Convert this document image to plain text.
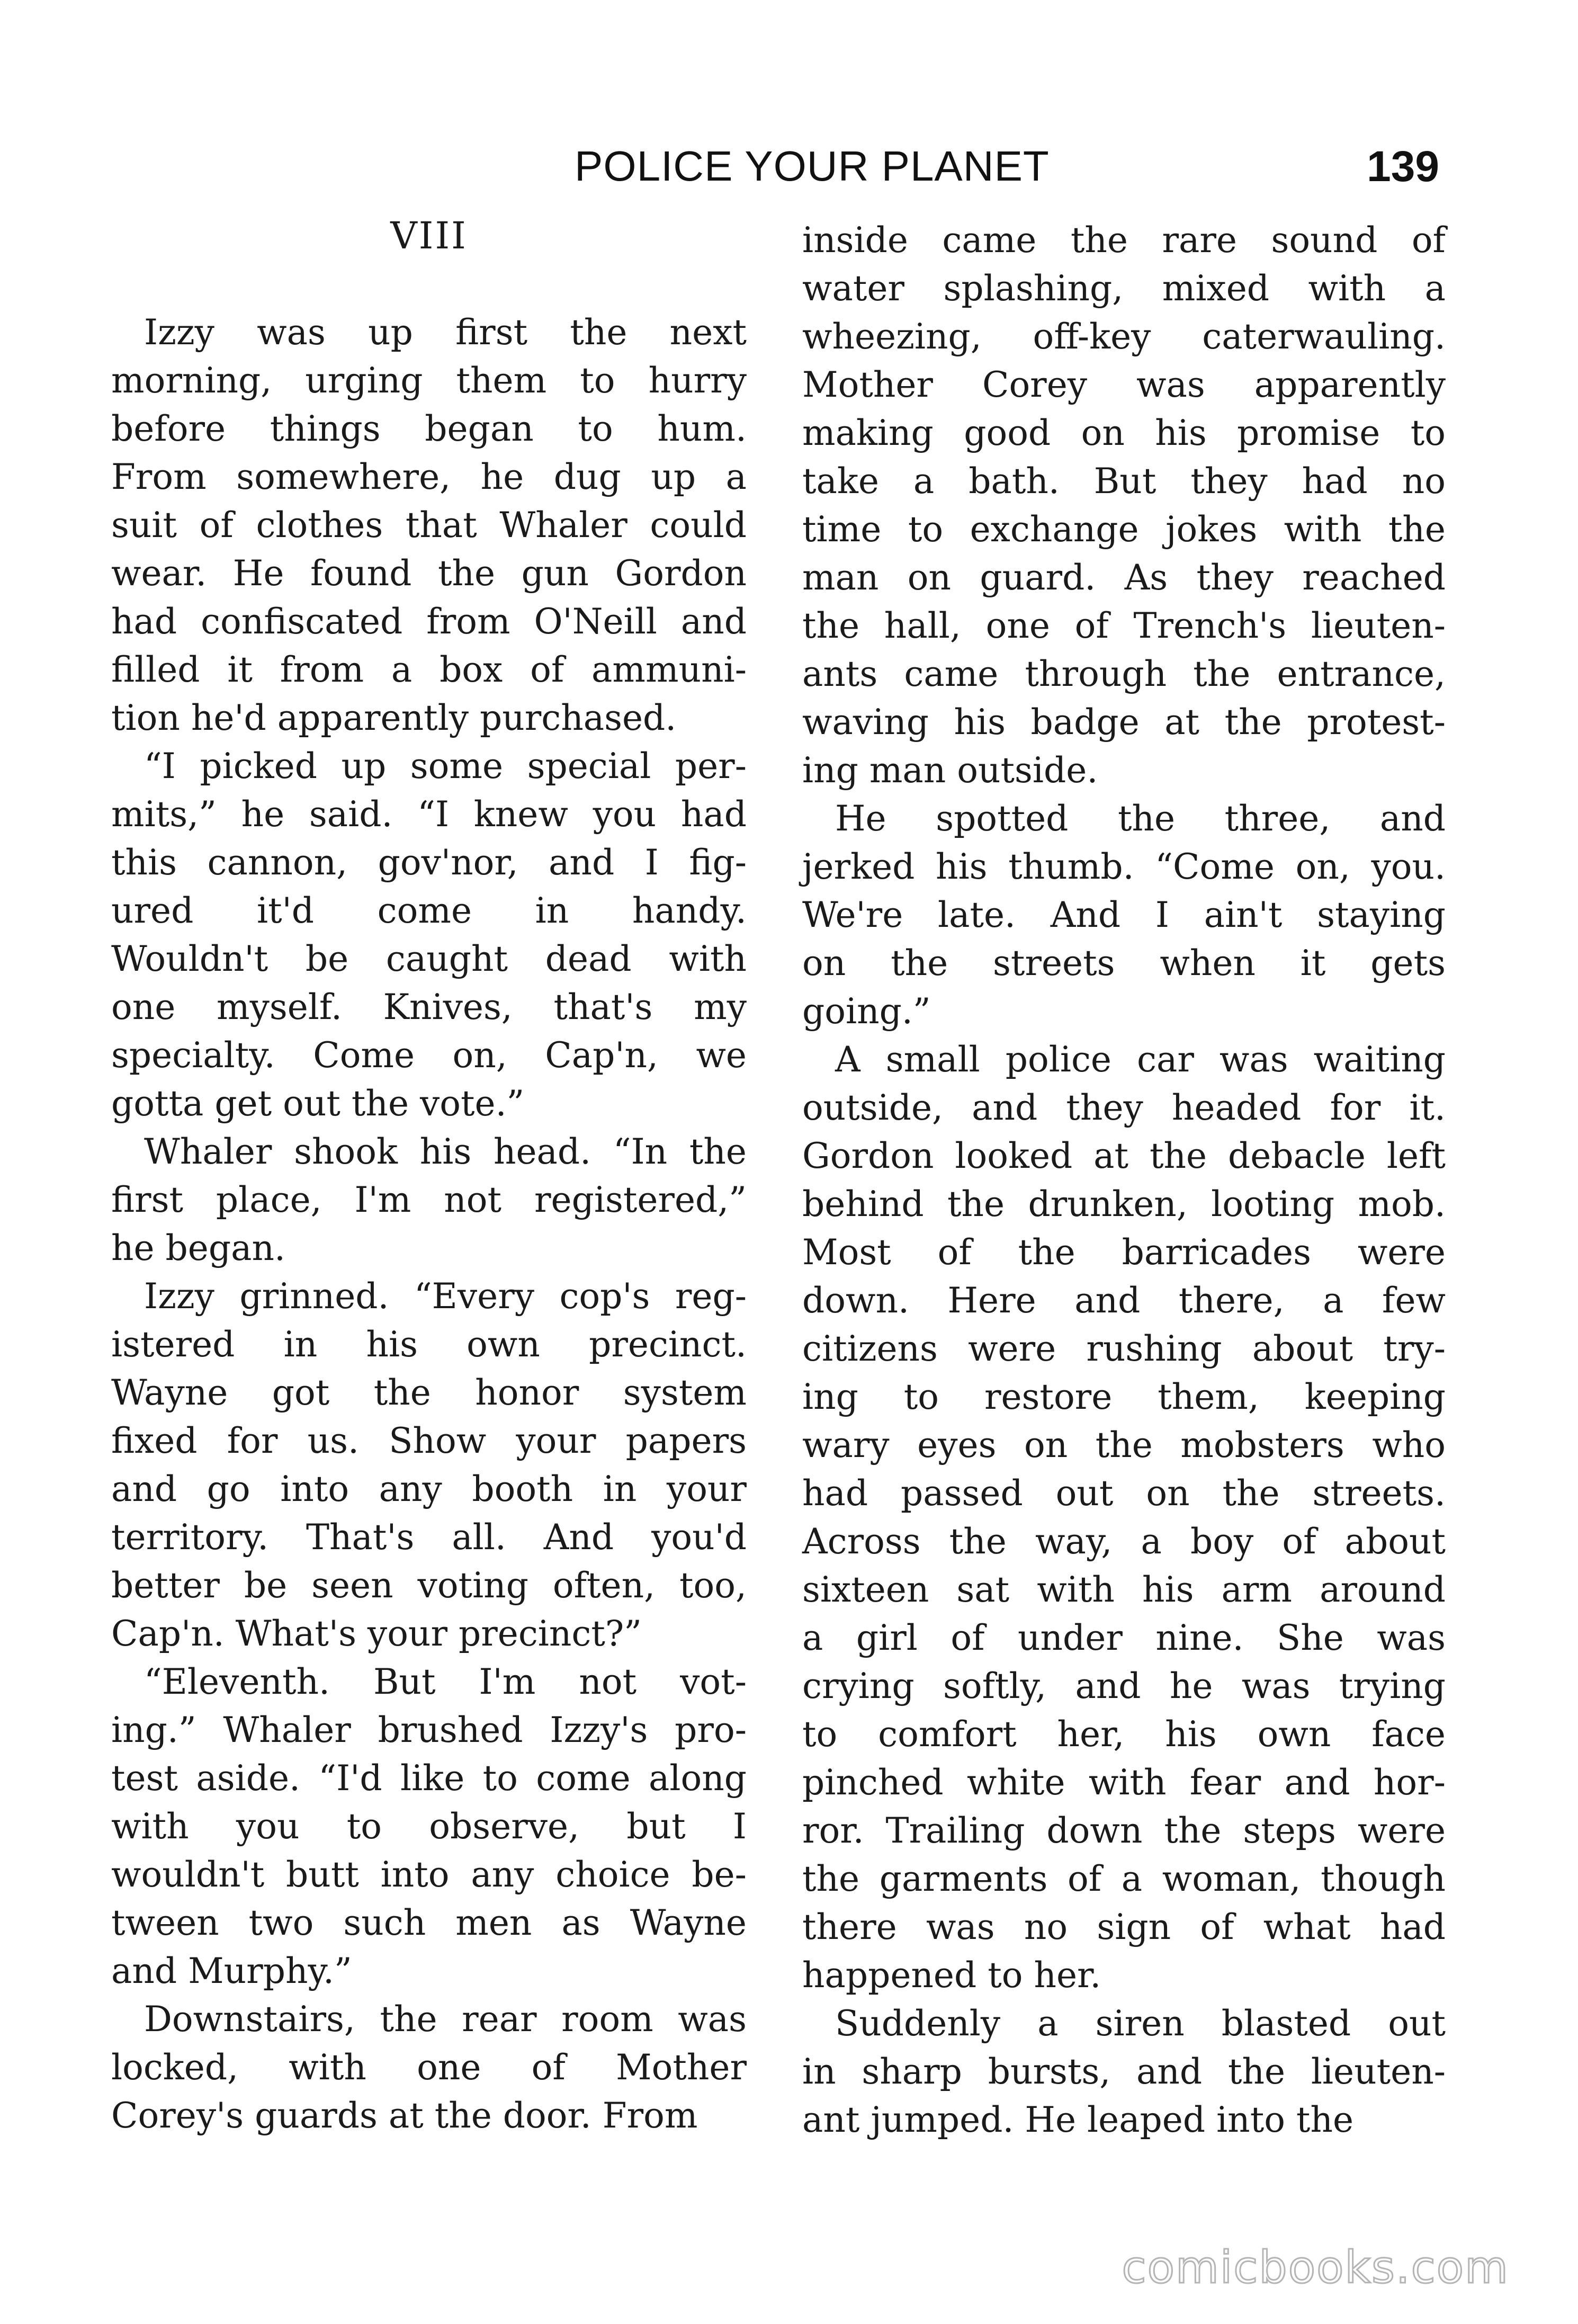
POLICE YOUR PLANET	139
VIII
Izzy was up first the next
morning, urging them to hurry
before things began to hum.
From somewhere, he dug up a
suit of clothes that Whaler could
wear. He found the gun Gordon
had confiscated from O'Neill and
filled it from a box of ammuni-
tion he'd apparently purchased.
“I picked up some special per-
mits,” he said. “I knew you had
this cannon, gov'nor, and I fig-
ured it'd come in handy.
Wouldn't be caught dead with
one myself. Knives, that's my
specialty. Come on, Cap'n, we
gotta get out the vote.”
Whaler shook his head. “In the
first place, I'm not registered,”
he began.
Izzy grinned. “Every cop's reg-
istered in his own precinct.
Wayne got the honor system
fixed for us. Show your papers
and go into any booth in your
territory. That's all. And you'd
better be seen voting often, too,
Cap'n. What's your precinct?”
“Eleventh. But I'm not vot-
ing.” Whaler brushed Izzy's pro-
test aside. “I'd like to come along
with you to observe, but I
wouldn't butt into any choice be-
tween two such men as Wayne
and Murphy.”
Downstairs, the rear room was
locked, with one of Mother
Corey's guards at the door. From
inside came the rare sound of
water splashing, mixed with a
wheezing, off-key caterwauling.
Mother Corey was apparently
making good on his promise to
take a bath. But they had no
time to exchange jokes with the
man on guard. As they reached
the hall, one of Trench's lieuten-
ants came through the entrance,
waving his badge at the protest-
ing man outside.
He spotted the three, and
jerked his thumb. “Come on, you.
We're late. And I ain't staying
on the streets when it gets
going.”
A small police car was waiting
outside, and they headed for it.
Gordon looked at the debacle left
behind the drunken, looting mob.
Most of the barricades were
down. Here and there, a few
citizens were rushing about try-
ing to restore them, keeping
wary eyes on the mobsters who
had passed out on the streets.
Across the way, a boy of about
sixteen sat with his arm around
a girl of under nine. She was
crying softly, and he was trying
to comfort her, his own face
pinched white with fear and hor-
ror. Trailing down the steps were
the garments of a woman, though
there was no sign of what had
happened to her.
Suddenly a siren blasted out
in sharp bursts, and the lieuten-
ant jumped. He leaped into the
comicbooks.com
